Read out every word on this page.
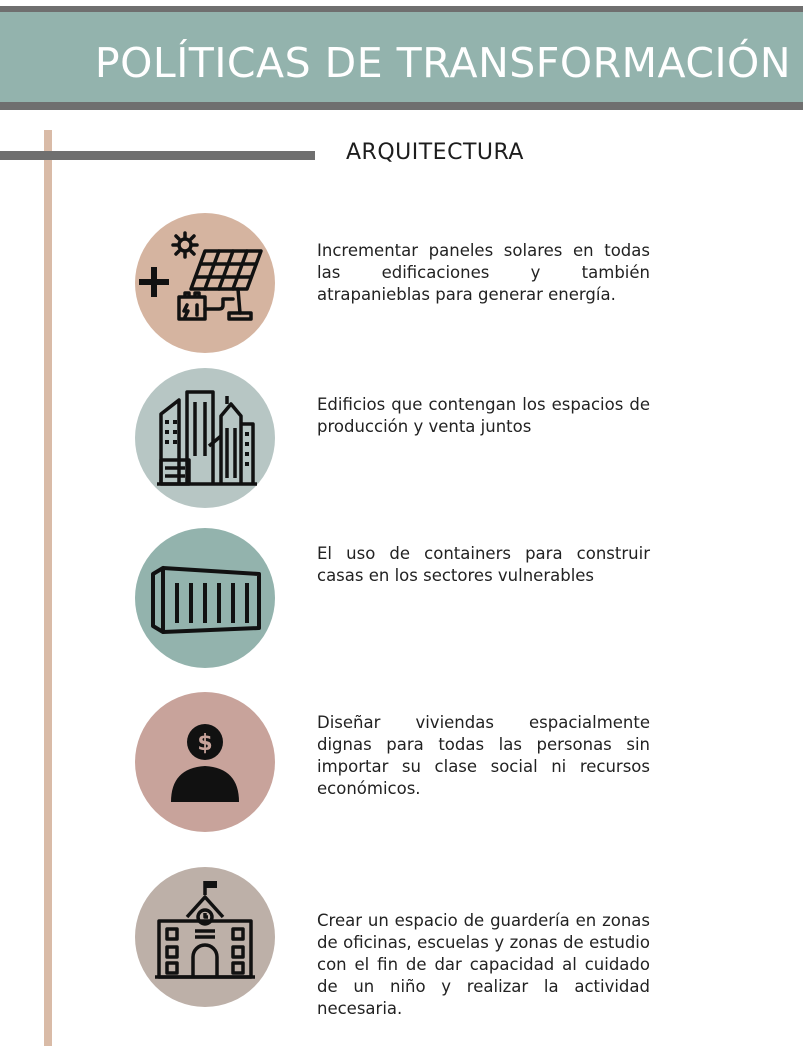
POLÍTICAS DE TRANSFORMACIÓN
ARQUITECTURA

Incrementar paneles solares en todas las edificaciones y también atrapanieblas para generar energía.

Edificios que contengan los espacios de producción y venta juntos

El uso de containers para construir casas en los sectores vulnerables

$

Diseñar viviendas espacialmente dignas para todas las personas sin importar su clase social ni recursos económicos.

Crear un espacio de guardería en zonas de oficinas, escuelas y zonas de estudio con el fin de dar capacidad al cuidado de un niño y realizar la actividad necesaria.
